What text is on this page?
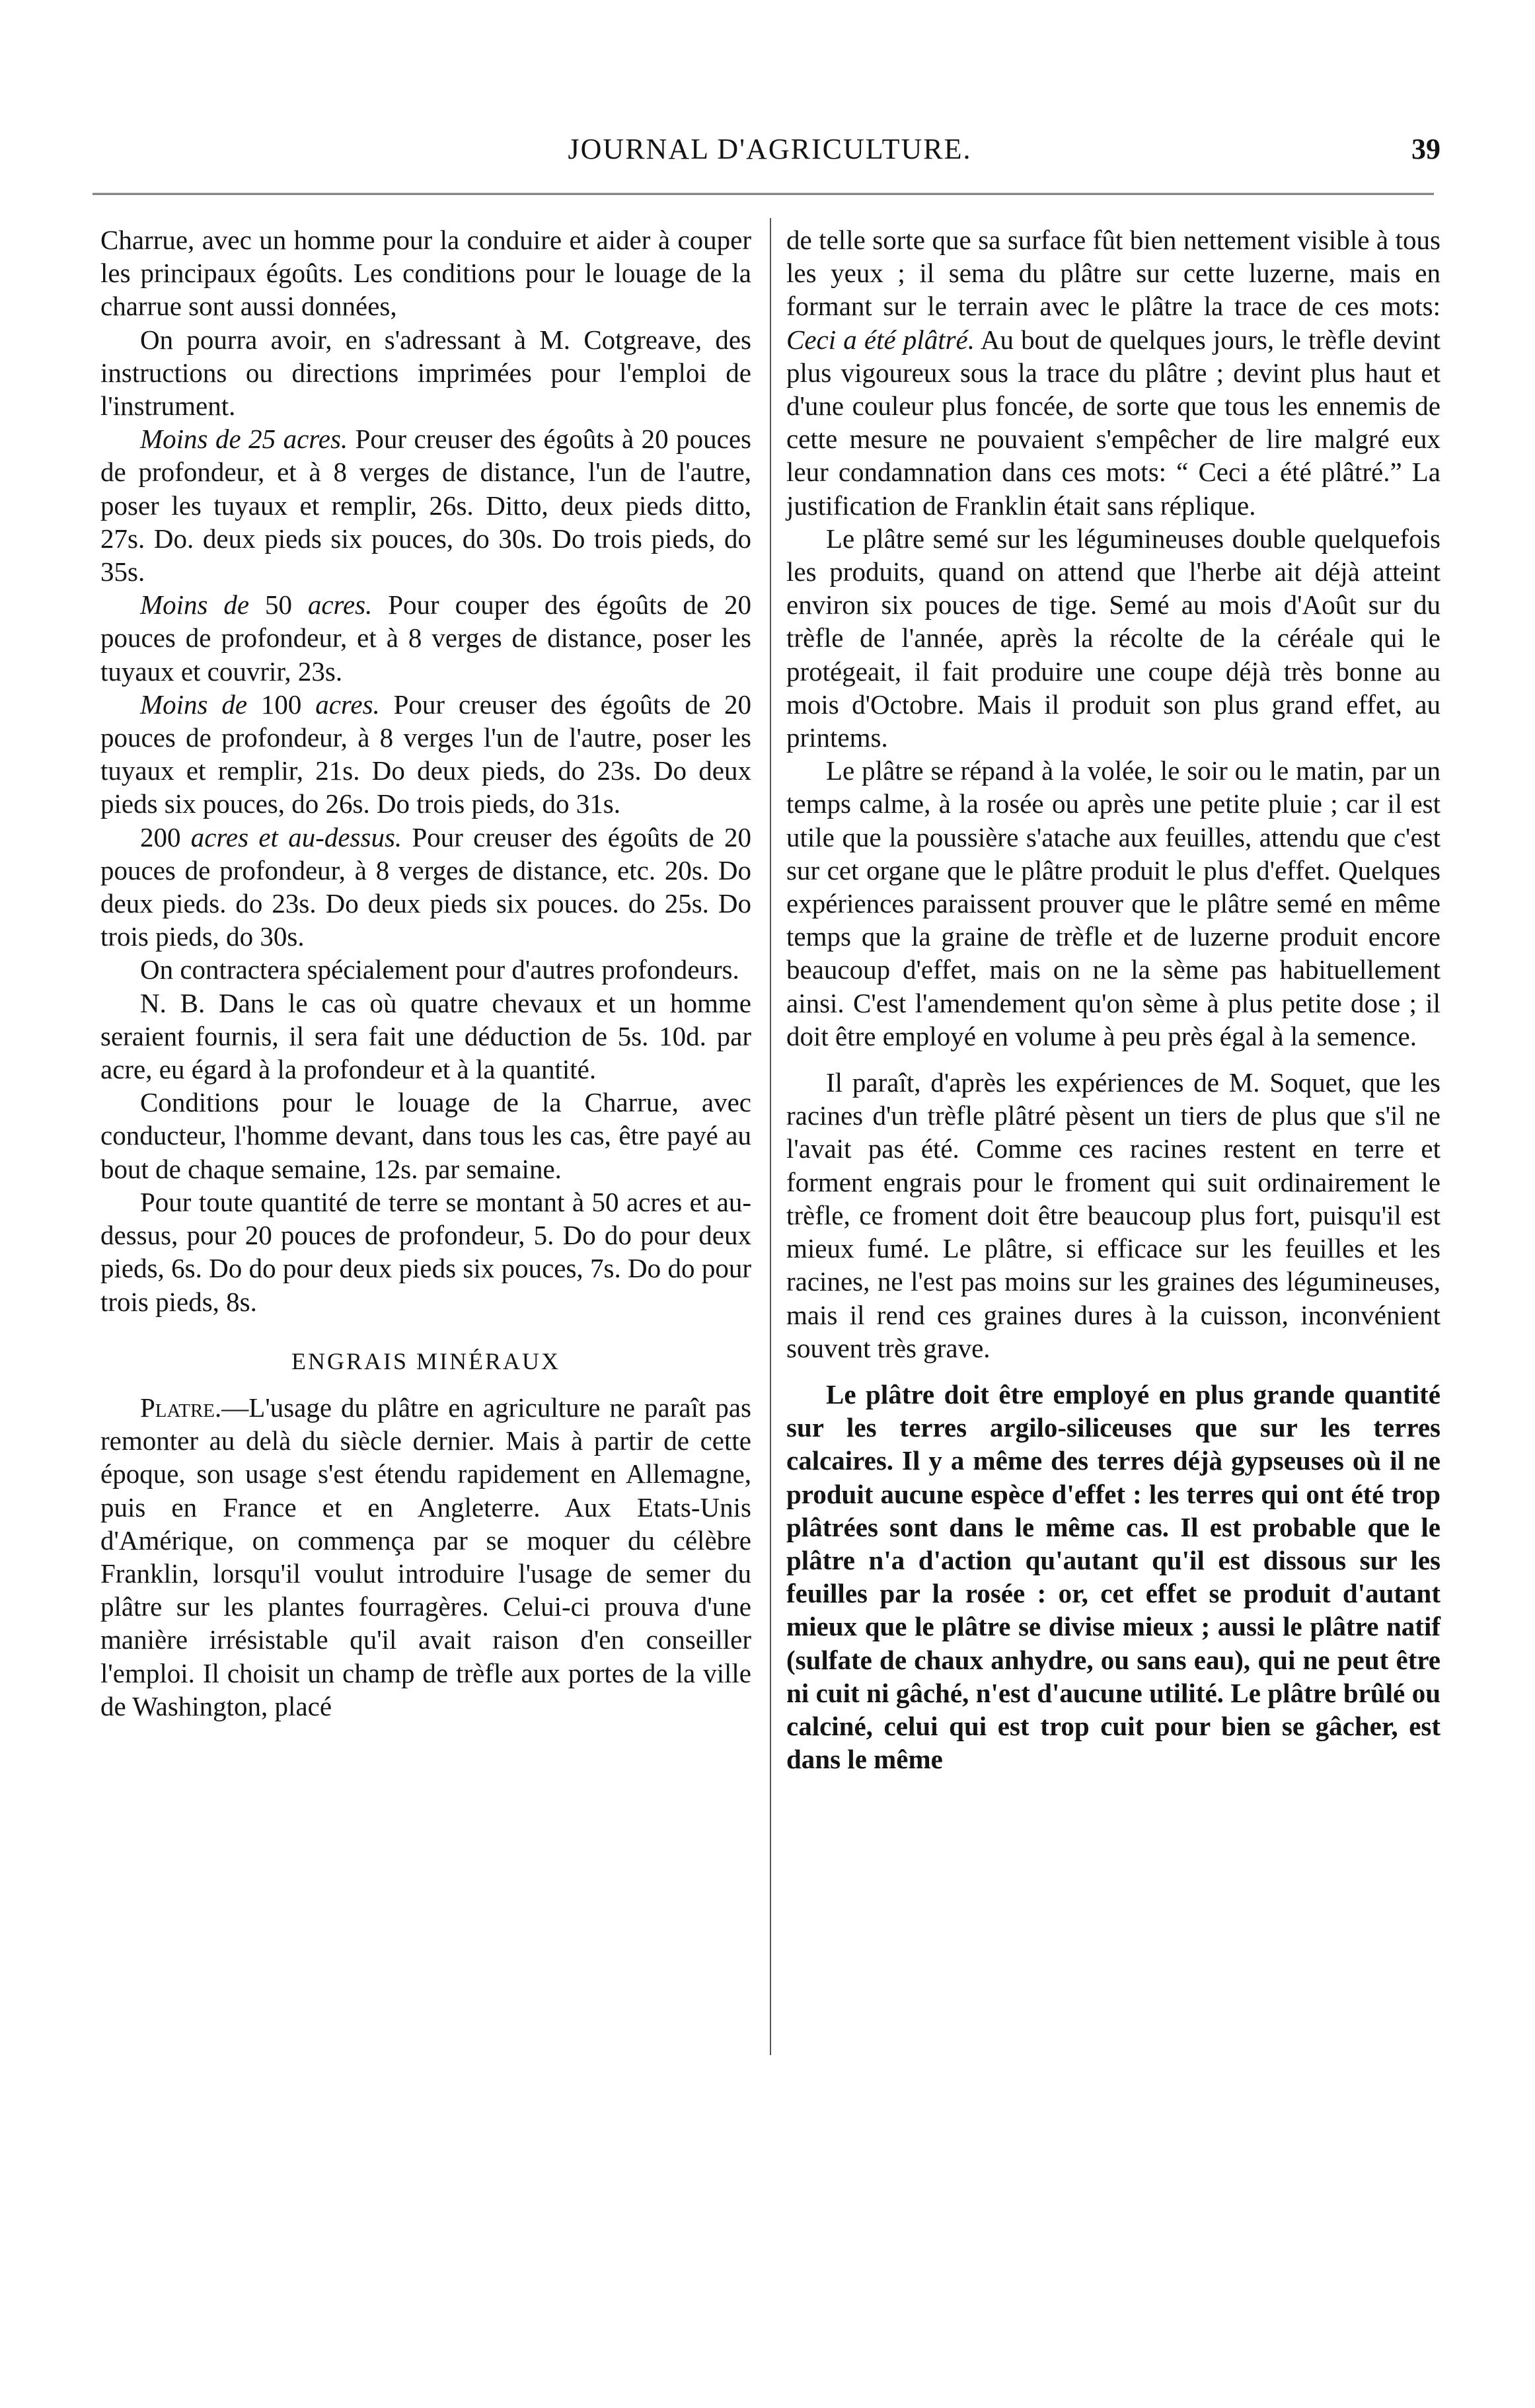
JOURNAL D'AGRICULTURE.	39

Charrue, avec un homme pour la conduire et aider à couper les principaux égoûts. Les conditions pour le louage de la charrue sont aussi données,

On pourra avoir, en s'adressant à M. Cotgreave, des instructions ou directions imprimées pour l'emploi de l'instrument.

Moins de 25 acres. Pour creuser des égoûts à 20 pouces de profondeur, et à 8 verges de distance, l'un de l'autre, poser les tuyaux et remplir, 26s. Ditto, deux pieds ditto, 27s. Do. deux pieds six pouces, do 30s. Do trois pieds, do 35s.

Moins de 50 acres. Pour couper des égoûts de 20 pouces de profondeur, et à 8 verges de distance, poser les tuyaux et couvrir, 23s.

Moins de 100 acres. Pour creuser des égoûts de 20 pouces de profondeur, à 8 verges l'un de l'autre, poser les tuyaux et remplir, 21s. Do deux pieds, do 23s. Do deux pieds six pouces, do 26s. Do trois pieds, do 31s.

200 acres et au-dessus. Pour creuser des égoûts de 20 pouces de profondeur, à 8 verges de distance, etc. 20s. Do deux pieds. do 23s. Do deux pieds six pouces. do 25s. Do trois pieds, do 30s.

On contractera spécialement pour d'autres profondeurs.

N. B. Dans le cas où quatre chevaux et un homme seraient fournis, il sera fait une déduction de 5s. 10d. par acre, eu égard à la profondeur et à la quantité.

Conditions pour le louage de la Charrue, avec conducteur, l'homme devant, dans tous les cas, être payé au bout de chaque semaine, 12s. par semaine.

Pour toute quantité de terre se montant à 50 acres et au-dessus, pour 20 pouces de profondeur, 5. Do do pour deux pieds, 6s. Do do pour deux pieds six pouces, 7s. Do do pour trois pieds, 8s.

ENGRAIS MINÉRAUX

Platre.—L'usage du plâtre en agriculture ne paraît pas remonter au delà du siècle dernier. Mais à partir de cette époque, son usage s'est étendu rapidement en Allemagne, puis en France et en Angleterre. Aux Etats-Unis d'Amérique, on commença par se moquer du célèbre Franklin, lorsqu'il voulut introduire l'usage de semer du plâtre sur les plantes fourragères. Celui-ci prouva d'une manière irrésistable qu'il avait raison d'en conseiller l'emploi. Il choisit un champ de trèfle aux portes de la ville de Washington, placé

de telle sorte que sa surface fût bien nettement visible à tous les yeux ; il sema du plâtre sur cette luzerne, mais en formant sur le terrain avec le plâtre la trace de ces mots: Ceci a été plâtré. Au bout de quelques jours, le trèfle devint plus vigoureux sous la trace du plâtre ; devint plus haut et d'une couleur plus foncée, de sorte que tous les ennemis de cette mesure ne pouvaient s'empêcher de lire malgré eux leur condamnation dans ces mots: “ Ceci a été plâtré.” La justification de Franklin était sans réplique.

Le plâtre semé sur les légumineuses double quelquefois les produits, quand on attend que l'herbe ait déjà atteint environ six pouces de tige. Semé au mois d'Août sur du trèfle de l'année, après la récolte de la céréale qui le protégeait, il fait produire une coupe déjà très bonne au mois d'Octobre. Mais il produit son plus grand effet, au printems.

Le plâtre se répand à la volée, le soir ou le matin, par un temps calme, à la rosée ou après une petite pluie ; car il est utile que la poussière s'atache aux feuilles, attendu que c'est sur cet organe que le plâtre produit le plus d'effet. Quelques expériences paraissent prouver que le plâtre semé en même temps que la graine de trèfle et de luzerne produit encore beaucoup d'effet, mais on ne la sème pas habituellement ainsi. C'est l'amendement qu'on sème à plus petite dose ; il doit être employé en volume à peu près égal à la semence.

Il paraît, d'après les expériences de M. Soquet, que les racines d'un trèfle plâtré pèsent un tiers de plus que s'il ne l'avait pas été. Comme ces racines restent en terre et forment engrais pour le froment qui suit ordinairement le trèfle, ce froment doit être beaucoup plus fort, puisqu'il est mieux fumé. Le plâtre, si efficace sur les feuilles et les racines, ne l'est pas moins sur les graines des légumineuses, mais il rend ces graines dures à la cuisson, inconvénient souvent très grave.

Le plâtre doit être employé en plus grande quantité sur les terres argilo-siliceuses que sur les terres calcaires. Il y a même des terres déjà gypseuses où il ne produit aucune espèce d'effet : les terres qui ont été trop plâtrées sont dans le même cas. Il est probable que le plâtre n'a d'action qu'autant qu'il est dissous sur les feuilles par la rosée : or, cet effet se produit d'autant mieux que le plâtre se divise mieux ; aussi le plâtre natif (sulfate de chaux anhydre, ou sans eau), qui ne peut être ni cuit ni gâché, n'est d'aucune utilité. Le plâtre brûlé ou calciné, celui qui est trop cuit pour bien se gâcher, est dans le même
